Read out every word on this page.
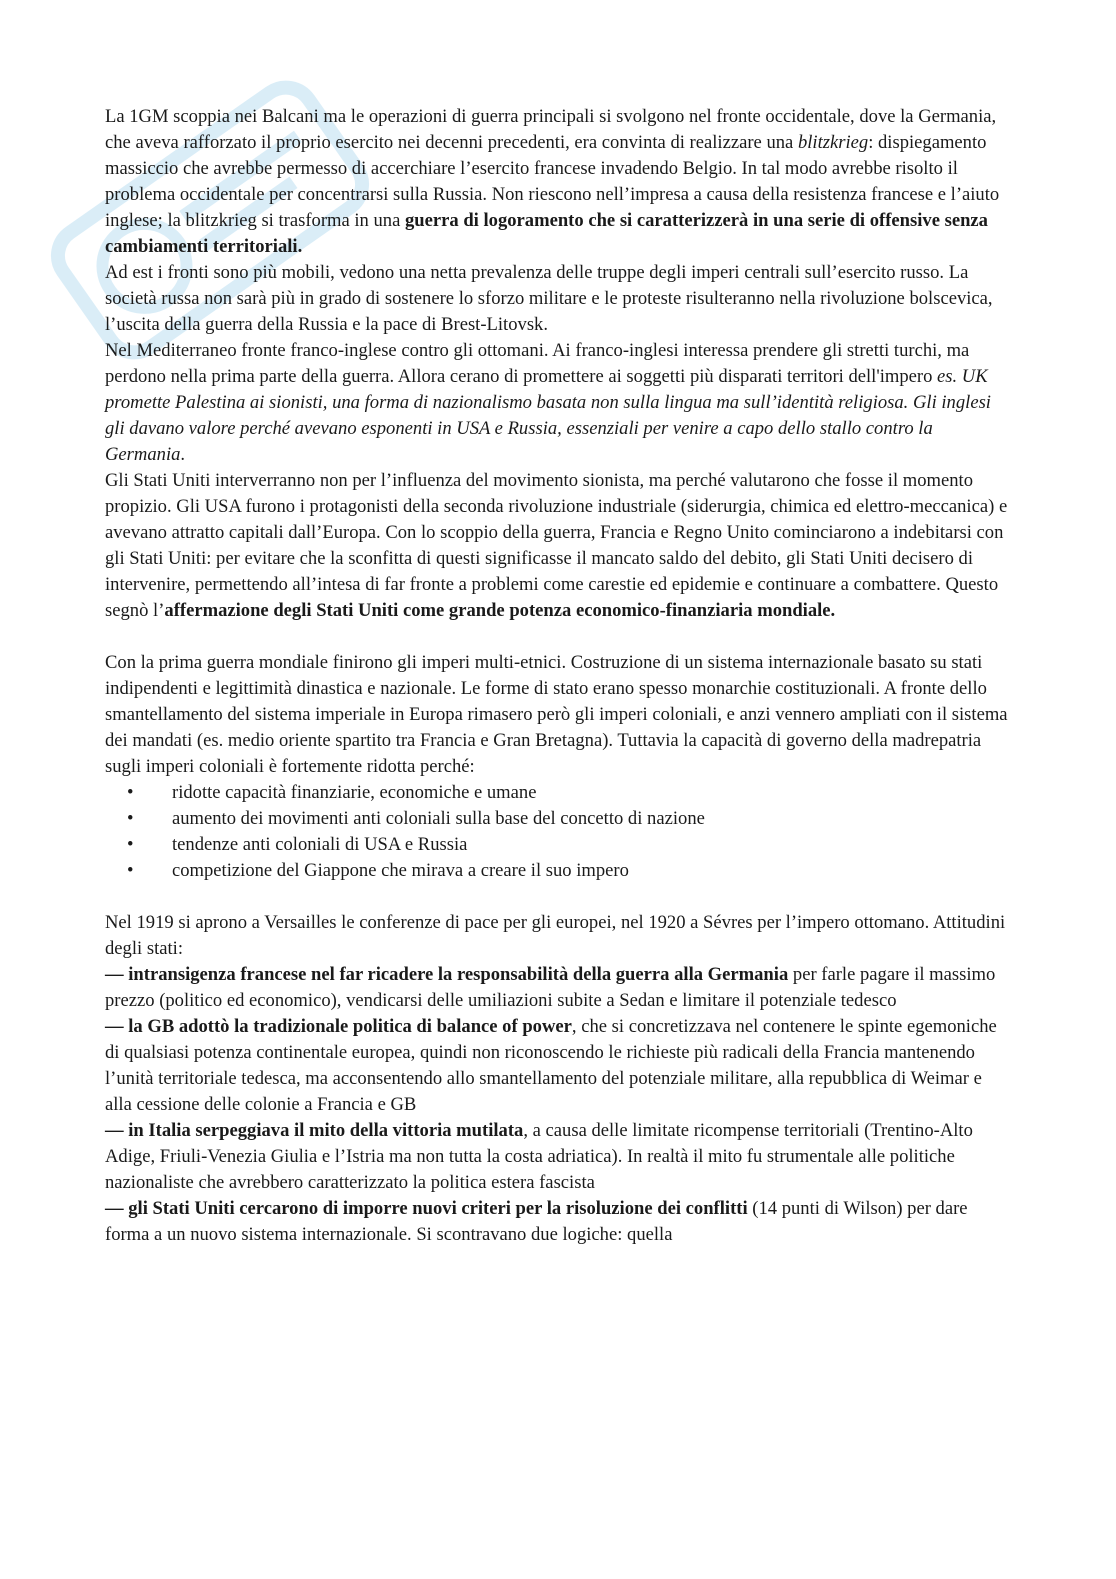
La 1GM scoppia nei Balcani ma le operazioni di guerra principali si svolgono nel fronte occidentale, dove la Germania, che aveva rafforzato il proprio esercito nei decenni precedenti, era convinta di realizzare una blitzkrieg: dispiegamento massiccio che avrebbe permesso di accerchiare l’esercito francese invadendo Belgio. In tal modo avrebbe risolto il problema occidentale per concentrarsi sulla Russia. Non riescono nell’impresa a causa della resistenza francese e l’aiuto inglese; la blitzkrieg si trasforma in una guerra di logoramento che si caratterizzerà in una serie di offensive senza cambiamenti territoriali.

Ad est i fronti sono più mobili, vedono una netta prevalenza delle truppe degli imperi centrali sull’esercito russo. La società russa non sarà più in grado di sostenere lo sforzo militare e le proteste risulteranno nella rivoluzione bolscevica, l’uscita della guerra della Russia e la pace di Brest-Litovsk.

Nel Mediterraneo fronte franco-inglese contro gli ottomani. Ai franco-inglesi interessa prendere gli stretti turchi, ma perdono nella prima parte della guerra. Allora cerano di promettere ai soggetti più disparati territori dell'impero es. UK promette Palestina ai sionisti, una forma di nazionalismo basata non sulla lingua ma sull’identità religiosa. Gli inglesi gli davano valore perché avevano esponenti in USA e Russia, essenziali per venire a capo dello stallo contro la Germania.

Gli Stati Uniti interverranno non per l’influenza del movimento sionista, ma perché valutarono che fosse il momento propizio. Gli USA furono i protagonisti della seconda rivoluzione industriale (siderurgia, chimica ed elettro-meccanica) e avevano attratto capitali dall’Europa. Con lo scoppio della guerra, Francia e Regno Unito cominciarono a indebitarsi con gli Stati Uniti: per evitare che la sconfitta di questi significasse il mancato saldo del debito, gli Stati Uniti decisero di intervenire, permettendo all’intesa di far fronte a problemi come carestie ed epidemie e continuare a combattere. Questo segnò l’affermazione degli Stati Uniti come grande potenza economico-finanziaria mondiale.

Con la prima guerra mondiale finirono gli imperi multi-etnici. Costruzione di un sistema internazionale basato su stati indipendenti e legittimità dinastica e nazionale. Le forme di stato erano spesso monarchie costituzionali. A fronte dello smantellamento del sistema imperiale in Europa rimasero però gli imperi coloniali, e anzi vennero ampliati con il sistema dei mandati (es. medio oriente spartito tra Francia e Gran Bretagna). Tuttavia la capacità di governo della madrepatria sugli imperi coloniali è fortemente ridotta perché:

• ridotte capacità finanziarie, economiche e umane
• aumento dei movimenti anti coloniali sulla base del concetto di nazione
• tendenze anti coloniali di USA e Russia
• competizione del Giappone che mirava a creare il suo impero

Nel 1919 si aprono a Versailles le conferenze di pace per gli europei, nel 1920 a Sévres per l’impero ottomano. Attitudini degli stati:

— intransigenza francese nel far ricadere la responsabilità della guerra alla Germania per farle pagare il massimo prezzo (politico ed economico), vendicarsi delle umiliazioni subite a Sedan e limitare il potenziale tedesco

— la GB adottò la tradizionale politica di balance of power, che si concretizzava nel contenere le spinte egemoniche di qualsiasi potenza continentale europea, quindi non riconoscendo le richieste più radicali della Francia mantenendo l’unità territoriale tedesca, ma acconsentendo allo smantellamento del potenziale militare, alla repubblica di Weimar e alla cessione delle colonie a Francia e GB

— in Italia serpeggiava il mito della vittoria mutilata, a causa delle limitate ricompense territoriali (Trentino-Alto Adige, Friuli-Venezia Giulia e l’Istria ma non tutta la costa adriatica). In realtà il mito fu strumentale alle politiche nazionaliste che avrebbero caratterizzato la politica estera fascista

— gli Stati Uniti cercarono di imporre nuovi criteri per la risoluzione dei conflitti (14 punti di Wilson) per dare forma a un nuovo sistema internazionale. Si scontravano due logiche: quella
